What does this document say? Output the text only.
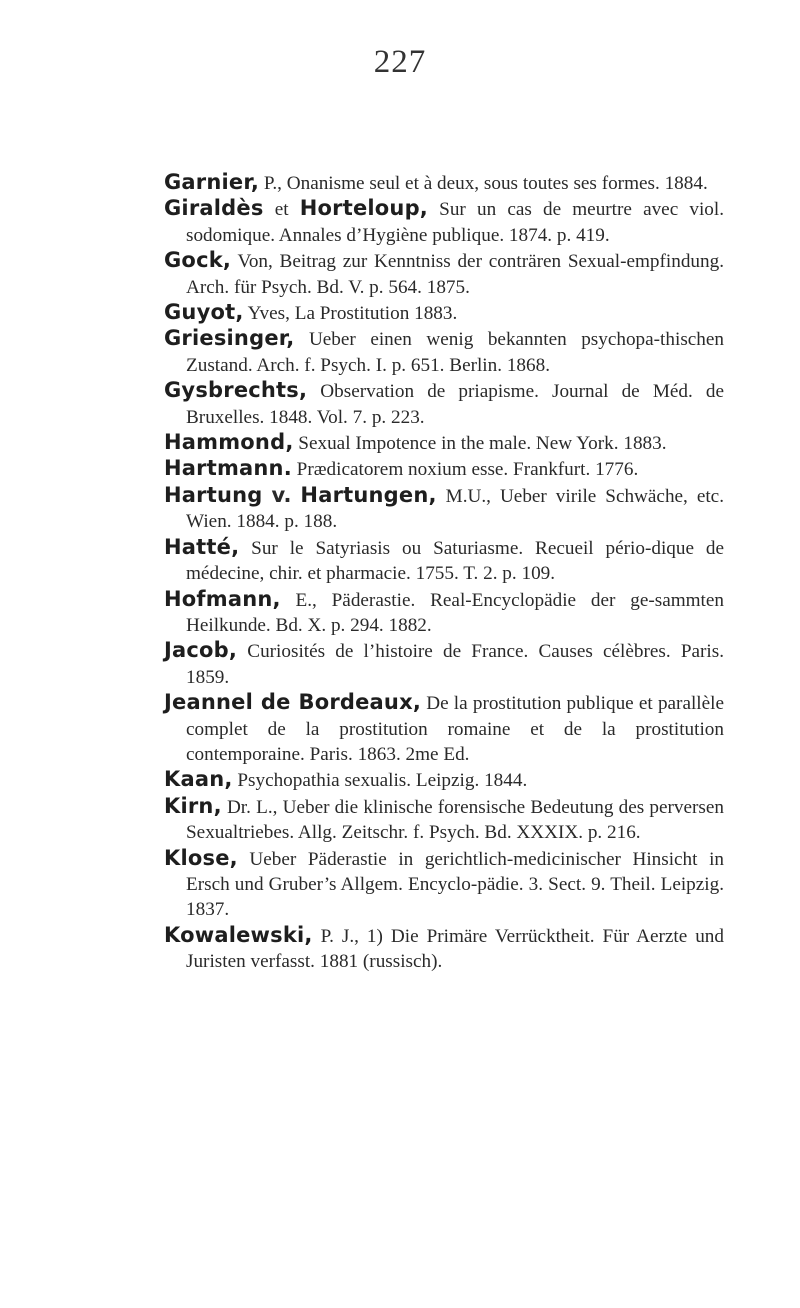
227

Garnier, P., Onanisme seul et à deux, sous toutes ses formes. 1884.

Giraldès et Horteloup, Sur un cas de meurtre avec viol. sodomique. Annales d’Hygiène publique. 1874. p. 419.

Gock, Von, Beitrag zur Kenntniss der conträren Sexual-empfindung. Arch. für Psych. Bd. V. p. 564. 1875.

Guyot, Yves, La Prostitution 1883.

Griesinger, Ueber einen wenig bekannten psychopa-thischen Zustand. Arch. f. Psych. I. p. 651. Berlin. 1868.

Gysbrechts, Observation de priapisme. Journal de Méd. de Bruxelles. 1848. Vol. 7. p. 223.

Hammond, Sexual Impotence in the male. New York. 1883.

Hartmann. Prædicatorem noxium esse. Frankfurt. 1776.

Hartung v. Hartungen, M.U., Ueber virile Schwäche, etc. Wien. 1884. p. 188.

Hatté, Sur le Satyriasis ou Saturiasme. Recueil pério-dique de médecine, chir. et pharmacie. 1755. T. 2. p. 109.

Hofmann, E., Päderastie. Real-Encyclopädie der ge-sammten Heilkunde. Bd. X. p. 294. 1882.

Jacob, Curiosités de l’histoire de France. Causes célèbres. Paris. 1859.

Jeannel de Bordeaux, De la prostitution publique et parallèle complet de la prostitution romaine et de la prostitution contemporaine. Paris. 1863. 2me Ed.

Kaan, Psychopathia sexualis. Leipzig. 1844.

Kirn, Dr. L., Ueber die klinische forensische Bedeutung des perversen Sexualtriebes. Allg. Zeitschr. f. Psych. Bd. XXXIX. p. 216.

Klose, Ueber Päderastie in gerichtlich-medicinischer Hinsicht in Ersch und Gruber’s Allgem. Encyclo-pädie. 3. Sect. 9. Theil. Leipzig. 1837.

Kowalewski, P. J., 1) Die Primäre Verrücktheit. Für Aerzte und Juristen verfasst. 1881 (russisch).
